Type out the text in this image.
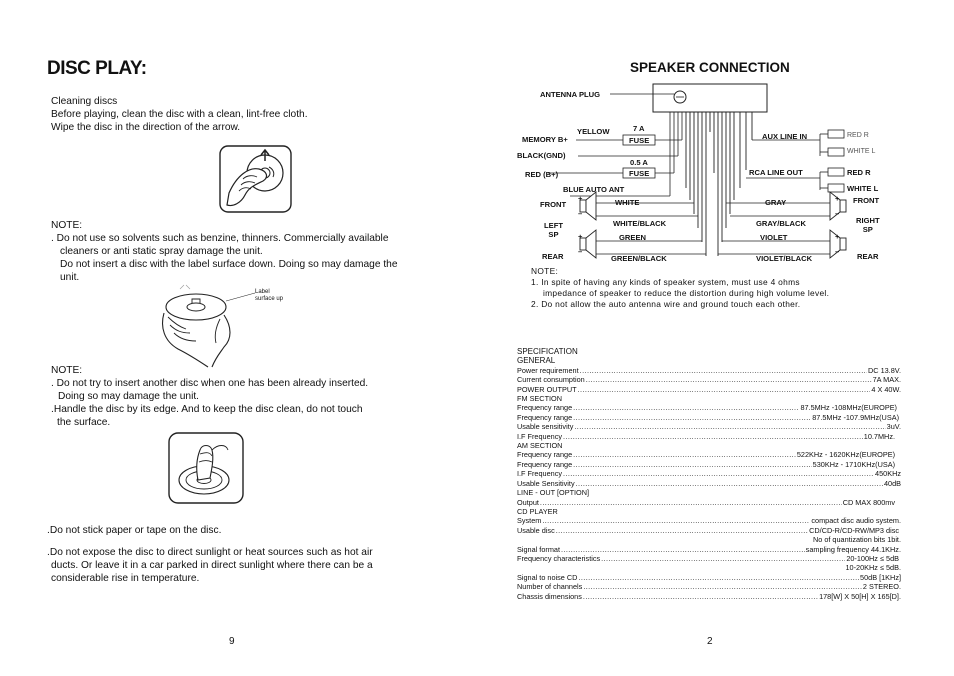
DISC PLAY:
Cleaning discs
Before playing, clean the disc with a clean, lint-free cloth.
Wipe the disc in the direction of the arrow.
NOTE:
. Do not use so solvents such as benzine, thinners. Commercially available
cleaners or anti static spray damage the unit.
Do not insert a disc with the label surface down. Doing so may damage the
unit.
Label
surface up
NOTE:
. Do not try to insert another disc when one has been already inserted.
Doing so may damage the unit.
.Handle the disc by its edge. And to keep the disc clean, do not touch
the surface.
.Do not stick paper or tape on the disc.
.Do not expose the disc to direct sunlight or heat sources such as hot air
ducts. Or leave it in a car parked in direct sunlight where there can be a
considerable rise in temperature.
9
SPEAKER CONNECTION
ANTENNA PLUG
YELLOW	7 A
MEMORY B+	FUSE
BLACK(GND)
0.5 A
RED (B+)	FUSE
BLUE AUTO ANT
AUX LINE IN	RED R
WHITE L
RCA LINE OUT	RED R
WHITE L
FRONT	WHITE	GRAY	FRONT
LEFT
SP
WHITE/BLACK	GRAY/BLACK	RIGHT
SP
GREEN	VIOLET
REAR	GREEN/BLACK	VIOLET/BLACK	REAR
+
–
+
–
+
–
+
–
NOTE:
1. In spite of having any kinds of speaker system, must use 4 ohms
impedance of speaker to reduce the distortion during high volume level.
2. Do not allow the auto antenna wire and ground touch each other.
SPECIFICATION
GENERAL
Power requirement .....	DC 13.8V.
Current consumption .....	7A MAX.
POWER OUTPUT .....	4 X 40W.
FM SECTION
Frequency range .....	87.5MHz -108MHz(EUROPE)
Frequency range .....	87.5MHz -107.9MHz(USA)
Usable sensitivity .....	3uV.
I.F Frequency .....	10.7MHz.
AM SECTION
Frequency range .....	522KHz - 1620KHz(EUROPE)
Frequency range .....	530KHz - 1710KHz(USA)
I.F Frequency .....	450KHz
Usable Sensitivity .....	40dB
LINE - OUT [OPTION]
Output .....	CD MAX 800mv
CD PLAYER
System .....	compact disc audio system.
Usable disc .....	CD/CD-R/CD-RW/MP3 disc
No of quantization bits 1bit.
Signal format .....	sampling frequency 44.1KHz.
Frequency characteristics .....	20-100Hz ≤ 5dB
10-20KHz ≤ 5dB.
Signal to noise CD .....	50dB [1KHz]
Number of channels .....	2 STEREO.
Chassis dimensions .....	178[W] X 50[H] X 165[D].
2
